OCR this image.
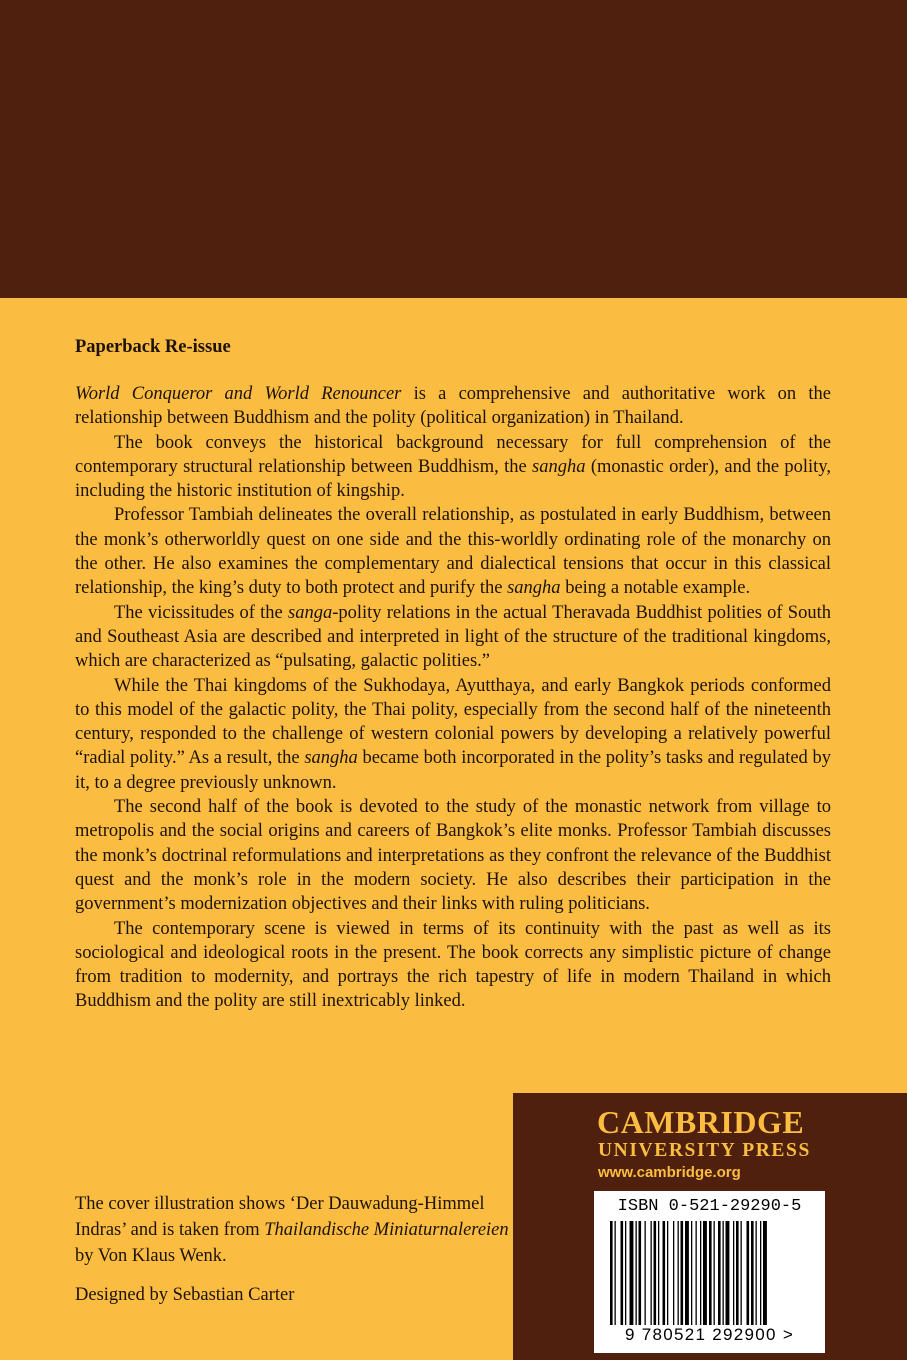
Paperback Re-issue

World Conqueror and World Renouncer is a comprehensive and authoritative work on the relationship between Buddhism and the polity (political organization) in Thailand.

The book conveys the historical background necessary for full comprehension of the contemporary structural relationship between Buddhism, the sangha (monastic order), and the polity, including the historic institution of kingship.

Professor Tambiah delineates the overall relationship, as postulated in early Buddhism, between the monk’s otherworldly quest on one side and the this-worldly ordinating role of the monarchy on the other. He also examines the complementary and dialectical tensions that occur in this classical relationship, the king’s duty to both protect and purify the sangha being a notable example.

The vicissitudes of the sanga-polity relations in the actual Theravada Buddhist polities of South and Southeast Asia are described and interpreted in light of the structure of the traditional kingdoms, which are characterized as “pulsating, galactic polities.”

While the Thai kingdoms of the Sukhodaya, Ayutthaya, and early Bangkok periods conformed to this model of the galactic polity, the Thai polity, especially from the second half of the nineteenth century, responded to the challenge of western colonial powers by developing a relatively powerful “radial polity.” As a result, the sangha became both incorporated in the polity’s tasks and regulated by it, to a degree previously unknown.

The second half of the book is devoted to the study of the monastic network from village to metropolis and the social origins and careers of Bangkok’s elite monks. Professor Tambiah discusses the monk’s doctrinal reformulations and interpretations as they confront the relevance of the Buddhist quest and the monk’s role in the modern society. He also describes their participation in the government’s modernization objectives and their links with ruling politicians.

The contemporary scene is viewed in terms of its continuity with the past as well as its sociological and ideological roots in the present. The book corrects any simplistic picture of change from tradition to modernity, and portrays the rich tapestry of life in modern Thailand in which Buddhism and the polity are still inextricably linked.

The cover illustration shows ‘Der Dauwadung-Himmel Indras’ and is taken from Thailandische Miniaturnalereien by Von Klaus Wenk.

Designed by Sebastian Carter

CAMBRIDGE
UNIVERSITY PRESS
www.cambridge.org
ISBN 0-521-29290-5
9 780521 292900 >
